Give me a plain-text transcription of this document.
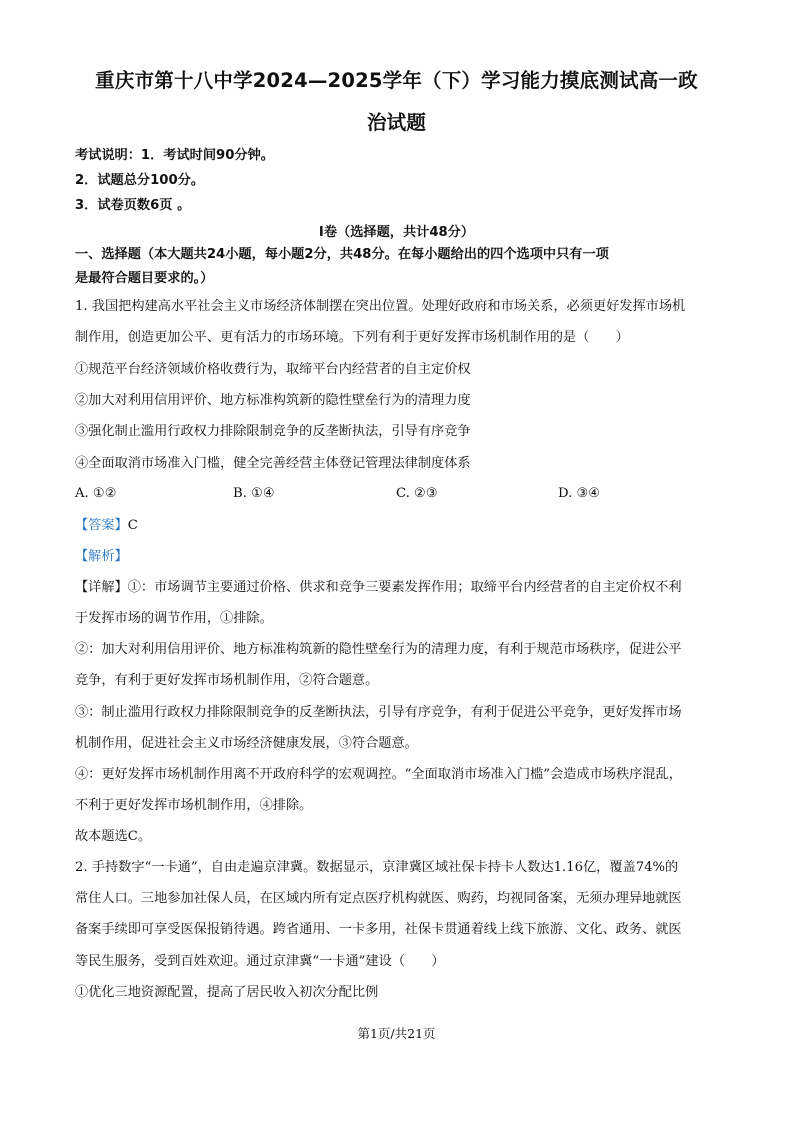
重庆市第十八中学2024—2025学年（下）学习能力摸底测试高一政
治试题
考试说明：1．考试时间90分钟。
2．试题总分100分。
3．试卷页数6页 。
Ⅰ卷（选择题，共计48分）
一、选择题（本大题共24小题，每小题2分，共48分。在每小题给出的四个选项中只有一项
是最符合题目要求的。）
1. 我国把构建高水平社会主义市场经济体制摆在突出位置。处理好政府和市场关系，必须更好发挥市场机
制作用，创造更加公平、更有活力的市场环境。下列有利于更好发挥市场机制作用的是（　　）
①规范平台经济领域价格收费行为，取缔平台内经营者的自主定价权
②加大对利用信用评价、地方标准构筑新的隐性壁垒行为的清理力度
③强化制止滥用行政权力排除限制竞争的反垄断执法，引导有序竞争
④全面取消市场准入门槛，健全完善经营主体登记管理法律制度体系
A. ①②	B. ①④	C. ②③	D. ③④
【答案】C
【解析】
【详解】①：市场调节主要通过价格、供求和竞争三要素发挥作用；取缔平台内经营者的自主定价权不利
于发挥市场的调节作用，①排除。
②：加大对利用信用评价、地方标准构筑新的隐性壁垒行为的清理力度，有利于规范市场秩序，促进公平
竞争，有利于更好发挥市场机制作用，②符合题意。
③：制止滥用行政权力排除限制竞争的反垄断执法，引导有序竞争，有利于促进公平竞争，更好发挥市场
机制作用，促进社会主义市场经济健康发展，③符合题意。
④：更好发挥市场机制作用离不开政府科学的宏观调控。“全面取消市场准入门槛”会造成市场秩序混乱，
不利于更好发挥市场机制作用，④排除。
故本题选C。
2. 手持数字“一卡通”，自由走遍京津冀。数据显示，京津冀区域社保卡持卡人数达1.16亿，覆盖74%的
常住人口。三地参加社保人员，在区域内所有定点医疗机构就医、购药，均视同备案，无须办理异地就医
备案手续即可享受医保报销待遇。跨省通用、一卡多用，社保卡贯通着线上线下旅游、文化、政务、就医
等民生服务，受到百姓欢迎。通过京津冀“一卡通”建设（　　）
①优化三地资源配置，提高了居民收入初次分配比例
第1页/共21页
